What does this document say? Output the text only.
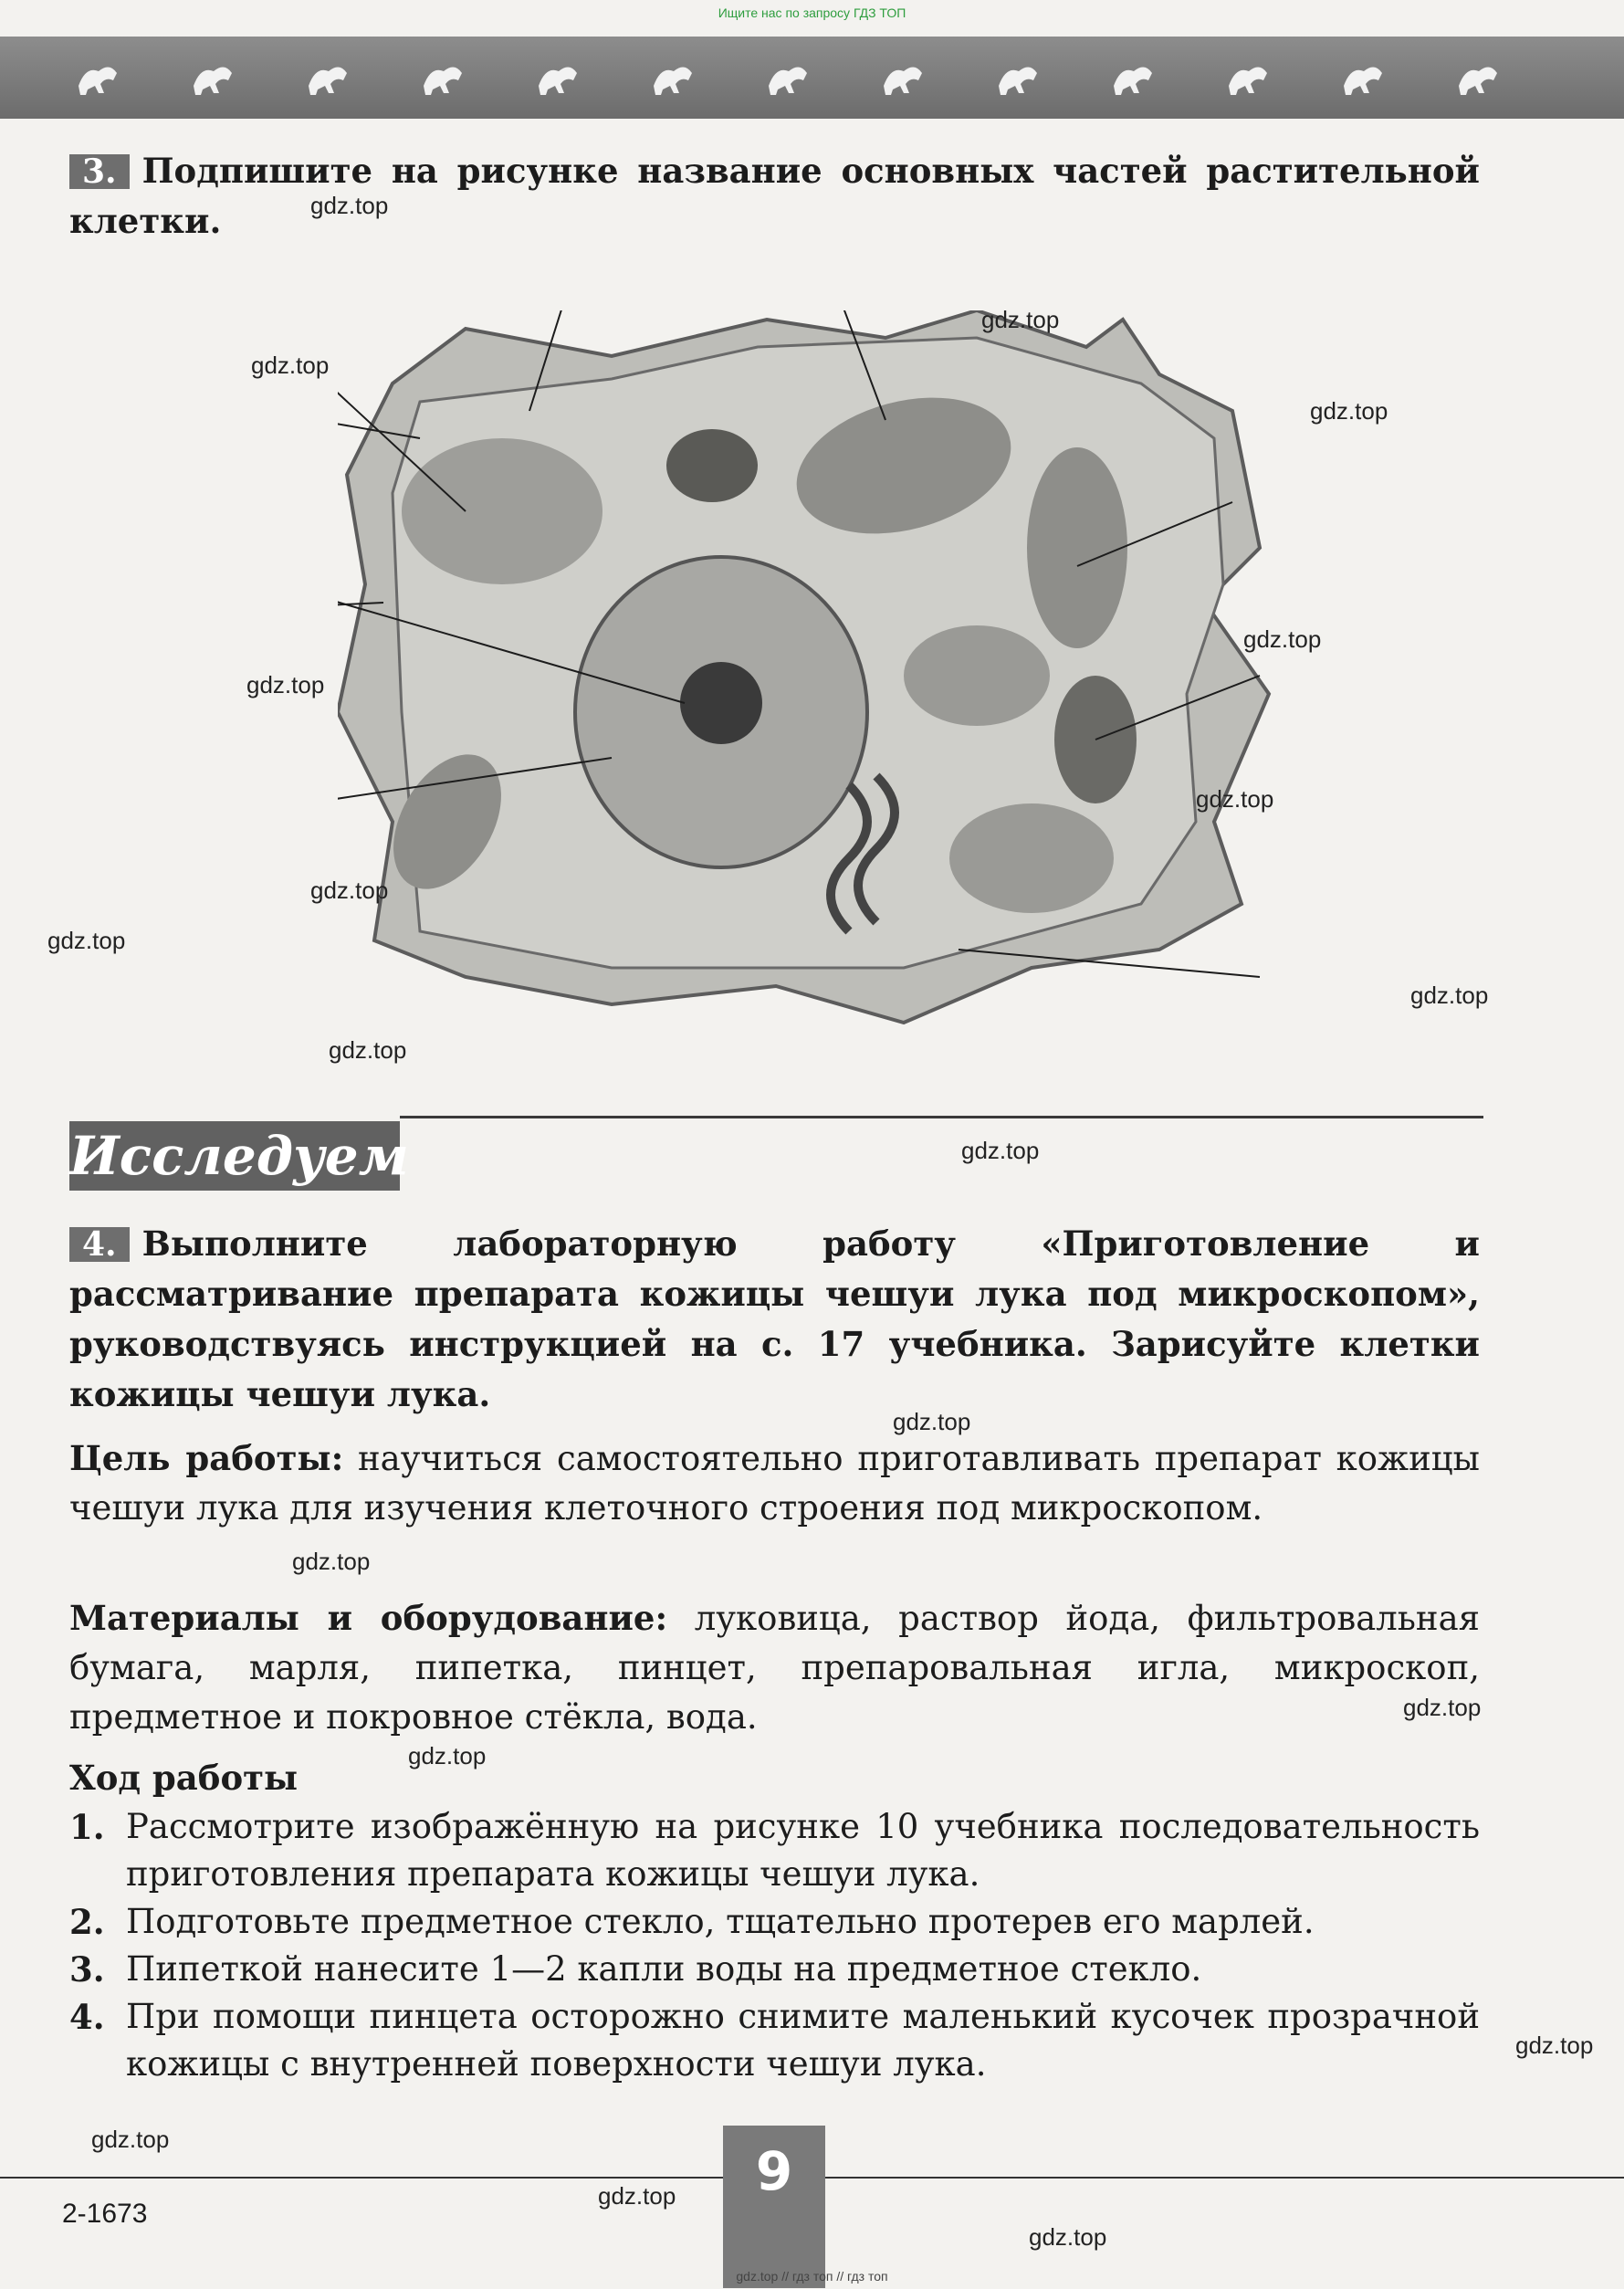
Ищите нас по запросу ГДЗ ТОП
3. Подпишите на рисунке название основных частей растительной клетки.
Исследуем
4. Выполните лабораторную работу «Приготовление и рассматривание препарата кожицы чешуи лука под микроскопом», руководствуясь инструкцией на с. 17 учебника. Зарисуйте клетки кожицы чешуи лука.
Цель работы: научиться самостоятельно приготавливать препарат кожицы чешуи лука для изучения клеточного строения под микроскопом.
Материалы и оборудование: луковица, раствор йода, фильтровальная бумага, марля, пипетка, пинцет, препаровальная игла, микроскоп, предметное и покровное стёкла, вода.
Ход работы
1. Рассмотрите изображённую на рисунке 10 учебника последовательность приготовления препарата кожицы чешуи лука.
2. Подготовьте предметное стекло, тщательно протерев его марлей.
3. Пипеткой нанесите 1—2 капли воды на предметное стекло.
4. При помощи пинцета осторожно снимите маленький кусочек прозрачной кожицы с внутренней поверхности чешуи лука.
9
2-1673
gdz.top
gdz.top
gdz.top
gdz.top
gdz.top
gdz.top
gdz.top
gdz.top
gdz.top
gdz.top
gdz.top
gdz.top
gdz.top
gdz.top
gdz.top
gdz.top
gdz.top
gdz.top
gdz.top
gdz.top
gdz.top // гдз топ // гдз топ
